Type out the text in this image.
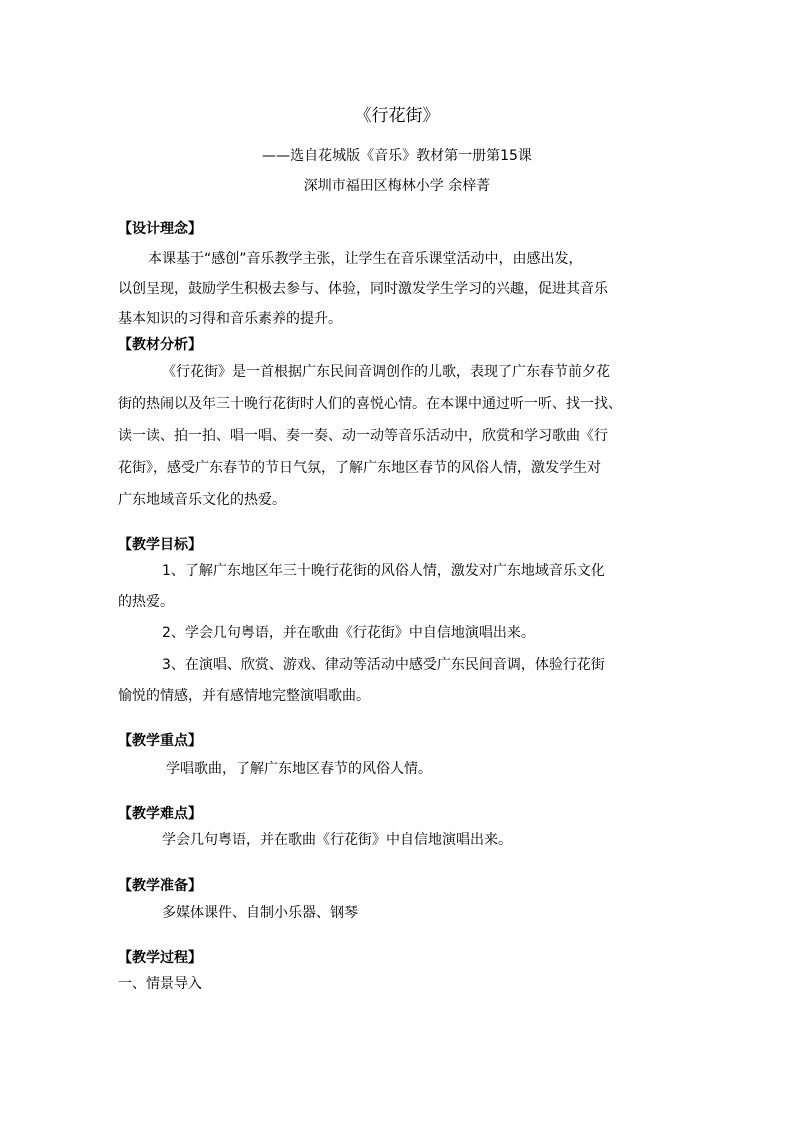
《行花街》
——选自花城版《音乐》教材第一册第15课
深圳市福田区梅林小学 余梓菁
【设计理念】
本课基于“感创”音乐教学主张，让学生在音乐课堂活动中，由感出发，
以创呈现，鼓励学生积极去参与、体验，同时激发学生学习的兴趣，促进其音乐
基本知识的习得和音乐素养的提升。
【教材分析】
《行花街》是一首根据广东民间音调创作的儿歌，表现了广东春节前夕花
街的热闹以及年三十晚行花街时人们的喜悦心情。在本课中通过听一听、找一找、
读一读、拍一拍、唱一唱、奏一奏、动一动等音乐活动中，欣赏和学习歌曲《行
花街》，感受广东春节的节日气氛，了解广东地区春节的风俗人情，激发学生对
广东地域音乐文化的热爱。
【教学目标】
1、了解广东地区年三十晚行花街的风俗人情，激发对广东地域音乐文化
的热爱。
2、学会几句粤语，并在歌曲《行花街》中自信地演唱出来。
3、在演唱、欣赏、游戏、律动等活动中感受广东民间音调，体验行花街
愉悦的情感，并有感情地完整演唱歌曲。
【教学重点】
学唱歌曲，了解广东地区春节的风俗人情。
【教学难点】
学会几句粤语，并在歌曲《行花街》中自信地演唱出来。
【教学准备】
多媒体课件、自制小乐器、钢琴
【教学过程】
一、情景导入
